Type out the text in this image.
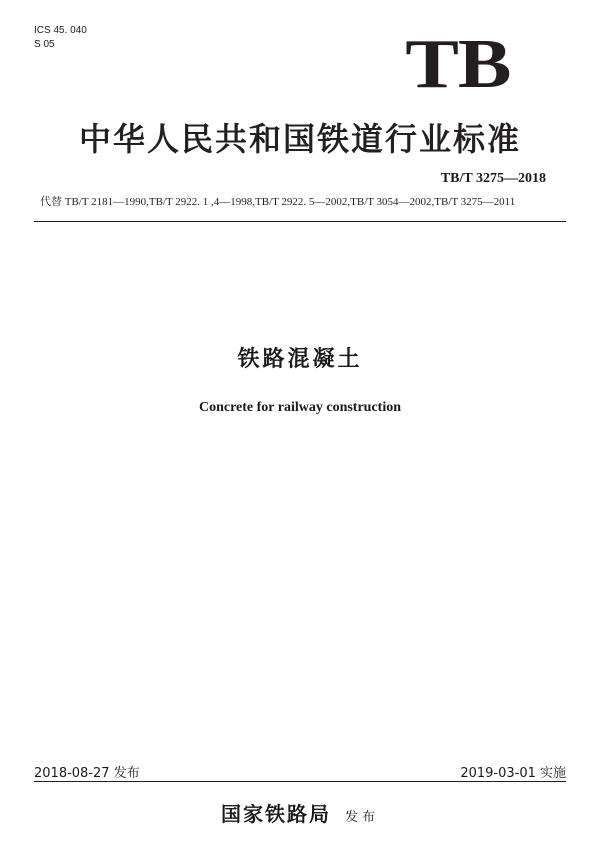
ICS 45. 040
S 05	TB
中华人民共和国铁道行业标准
TB/T 3275—2018
代替 TB/T 2181—1990,TB/T 2922. 1 ,4—1998,TB/T 2922. 5—2002,TB/T 3054—2002,TB/T 3275—2011
铁路混凝土
Concrete for railway construction
2018-08-27 发布	2019-03-01 实施
国家铁路局 发布
